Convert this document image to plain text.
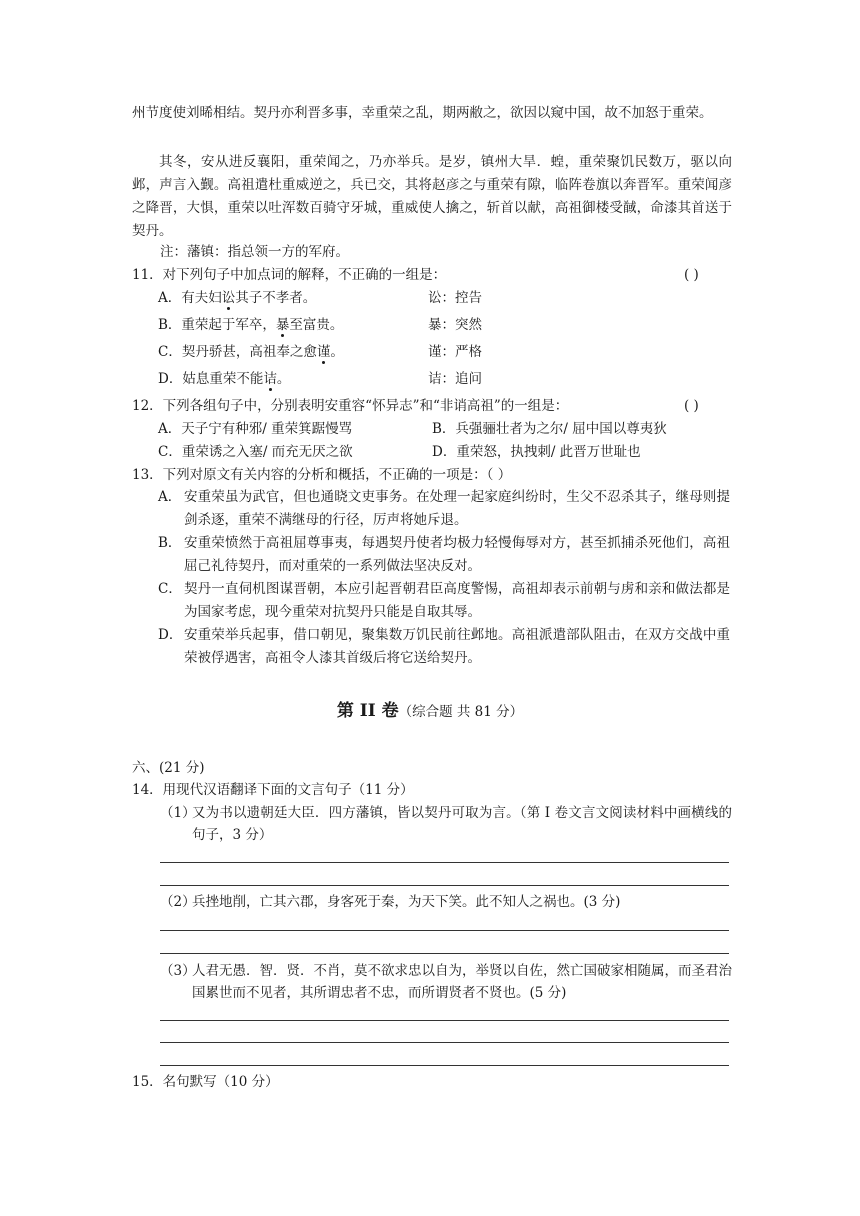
州节度使刘晞相结。契丹亦利晋多事，幸重荣之乱，期两敝之，欲因以窥中国，故不加怒于重荣。
其冬，安从进反襄阳，重荣闻之，乃亦举兵。是岁，镇州大旱．蝗，重荣聚饥民数万，驱以向邺，声言入觐。高祖遣杜重威逆之，兵已交，其将赵彦之与重荣有隙，临阵卷旗以奔晋军。重荣闻彦之降晋，大惧，重荣以吐浑数百骑守牙城，重威使人擒之，斩首以献，高祖御楼受馘，命漆其首送于契丹。
注：藩镇：指总领一方的军府。
11．对下列句子中加点词的解释，不正确的一组是：	( )
A．有夫妇讼其子不孝者。	讼：控告
B．重荣起于军卒，暴至富贵。	暴：突然
C．契丹骄甚，高祖奉之愈谨。	谨：严格
D．姑息重荣不能诘。	诘：追问
12．下列各组句子中，分别表明安重容“怀异志”和“非诮高祖”的一组是：	( )
A．天子宁有种邪/ 重荣箕踞慢骂	B．兵强骊壮者为之尔/ 屈中国以尊夷狄
C．重荣诱之入塞/ 而充无厌之欲	D．重荣怒，执拽刺/ 此晋万世耻也
13．下列对原文有关内容的分析和概括，不正确的一项是：（ ）
A． 安重荣虽为武官，但也通晓文吏事务。在处理一起家庭纠纷时，生父不忍杀其子，继母则提剑杀逐，重荣不满继母的行径，厉声将她斥退。
B． 安重荣愤然于高祖屈尊事夷，每遇契丹使者均极力轻慢侮辱对方，甚至抓捕杀死他们，高祖屈己礼待契丹，而对重荣的一系列做法坚决反对。
C． 契丹一直伺机图谋晋朝，本应引起晋朝君臣高度警惕，高祖却表示前朝与虏和亲和做法都是为国家考虑，现今重荣对抗契丹只能是自取其辱。
D． 安重荣举兵起事，借口朝见，聚集数万饥民前往邺地。高祖派遣部队阻击，在双方交战中重荣被俘遇害，高祖令人漆其首级后将它送给契丹。
第 II 卷（综合题 共 81 分）
六、(21 分)
14．用现代汉语翻译下面的文言句子（11 分）
（1）
又为书以遗朝廷大臣．四方藩镇，皆以契丹可取为言。（第 I 卷文言文阅读材料中画横线的句子，3 分）
（2）
兵挫地削，亡其六郡，身客死于秦，为天下笑。此不知人之祸也。(3 分)
（3）
人君无愚．智．贤．不肖，莫不欲求忠以自为，举贤以自佐，然亡国破家相随属，而圣君治国累世而不见者，其所谓忠者不忠，而所谓贤者不贤也。(5 分)
15．名句默写（10 分）
